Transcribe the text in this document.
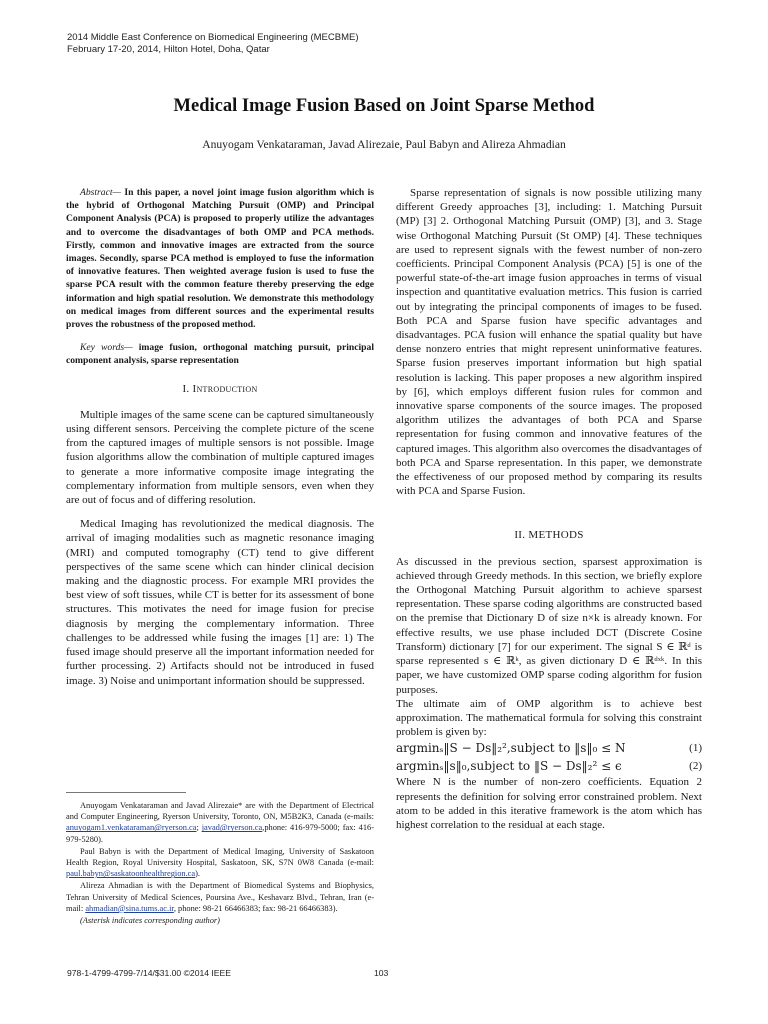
2014 Middle East Conference on Biomedical Engineering (MECBME)
February 17-20, 2014, Hilton Hotel, Doha, Qatar
Medical Image Fusion Based on Joint Sparse Method
Anuyogam Venkataraman, Javad Alirezaie, Paul Babyn and Alireza Ahmadian
Abstract— In this paper, a novel joint image fusion algorithm which is the hybrid of Orthogonal Matching Pursuit (OMP) and Principal Component Analysis (PCA) is proposed to properly utilize the advantages and to overcome the disadvantages of both OMP and PCA methods. Firstly, common and innovative images are extracted from the source images. Secondly, sparse PCA method is employed to fuse the information of innovative features. Then weighted average fusion is used to fuse the sparse PCA result with the common feature thereby preserving the edge information and high spatial resolution. We demonstrate this methodology on medical images from different sources and the experimental results proves the robustness of the proposed method.
Key words— image fusion, orthogonal matching pursuit, principal component analysis, sparse representation
I. Introduction

Multiple images of the same scene can be captured simultaneously using different sensors. Perceiving the complete picture of the scene from the captured images of multiple sensors is not possible. Image fusion algorithms allow the combination of multiple captured images to generate a more informative composite image integrating the complementary information from multiple sensors, even when they are out of focus and of differing resolution.

Medical Imaging has revolutionized the medical diagnosis. The arrival of imaging modalities such as magnetic resonance imaging (MRI) and computed tomography (CT) tend to give different perspectives of the same scene which can hinder clinical decision making and the diagnostic process. For example MRI provides the best view of soft tissues, while CT is better for its assessment of bone structures. This motivates the need for image fusion for precise diagnosis by merging the complementary information. Three challenges to be addressed while fusing the images [1] are: 1) The fused image should preserve all the important information needed for further processing. 2) Artifacts should not be introduced in fused image. 3) Noise and unimportant information should be suppressed.

Anuyogam Venkataraman and Javad Alirezaie* are with the Department of Electrical and Computer Engineering, Ryerson University, Toronto, ON, M5B2K3, Canada (e-mails: anuyogam1.venkataraman@ryerson.ca; javad@ryerson.ca,phone: 416-979-5000; fax: 416- 979-5280).

Paul Babyn is with the Department of Medical Imaging, University of Saskatoon Health Region, Royal University Hospital, Saskatoon, SK, S7N 0W8 Canada (e-mail: paul.babyn@saskatoonhealthregion.ca).

Alireza Ahmadian is with the Department of Biomedical Systems and Biophysics, Tehran University of Medical Sciences, Poursina Ave., Keshavarz Blvd., Tehran, Iran (e-mail: ahmadian@sina.tums.ac.ir, phone: 98-21 66466383; fax: 98-21 66466383).

(Asterisk indicates corresponding author)

Sparse representation of signals is now possible utilizing many different Greedy approaches [3], including: 1. Matching Pursuit (MP) [3] 2. Orthogonal Matching Pursuit (OMP) [3], and 3. Stage wise Orthogonal Matching Pursuit (St OMP) [4]. These techniques are used to represent signals with the fewest number of non-zero coefficients. Principal Component Analysis (PCA) [5] is one of the powerful state-of-the-art image fusion approaches in terms of visual inspection and quantitative evaluation metrics. This fusion is carried out by integrating the principal components of images to be fused. Both PCA and Sparse fusion have specific advantages and disadvantages. PCA fusion will enhance the spatial quality but have dense nonzero entries that might represent uninformative features. Sparse fusion preserves important information but high spatial resolution is lacking. This paper proposes a new algorithm inspired by [6], which employs different fusion rules for common and innovative sparse components of the source images. The proposed algorithm utilizes the advantages of both PCA and Sparse representation for fusing common and innovative features of the captured images. This algorithm also overcomes the disadvantages of both PCA and Sparse representation. In this paper, we demonstrate the effectiveness of our proposed method by comparing its results with PCA and Sparse Fusion.

II. METHODS

As discussed in the previous section, sparsest approximation is achieved through Greedy methods. In this section, we briefly explore the Orthogonal Matching Pursuit algorithm to achieve sparsest representation. These sparse coding algorithms are constructed based on the premise that Dictionary D of size n×k is already known. For effective results, we use phase included DCT (Discrete Cosine Transform) dictionary [7] for our experiment. The signal S ∈ ℝᵈ is sparse represented s ∈ ℝᵏ, as given dictionary D ∈ ℝᵈˣᵏ. In this paper, we have customized OMP sparse coding algorithm for fusion purposes.

The ultimate aim of OMP algorithm is to achieve best approximation. The mathematical formula for solving this constraint problem is given by:

argminₛ‖S − Ds‖₂²,subject to ‖s‖₀ ≤ N	(1)
argminₛ‖s‖₀,subject to ‖S − Ds‖₂² ≤ ϵ	(2)

Where N is the number of non-zero coefficients. Equation 2 represents the definition for solving error constrained problem. Next atom to be added in this iterative framework is the atom which has highest correlation to the residual at each stage.

978-1-4799-4799-7/14/$31.00 ©2014 IEEE	103
